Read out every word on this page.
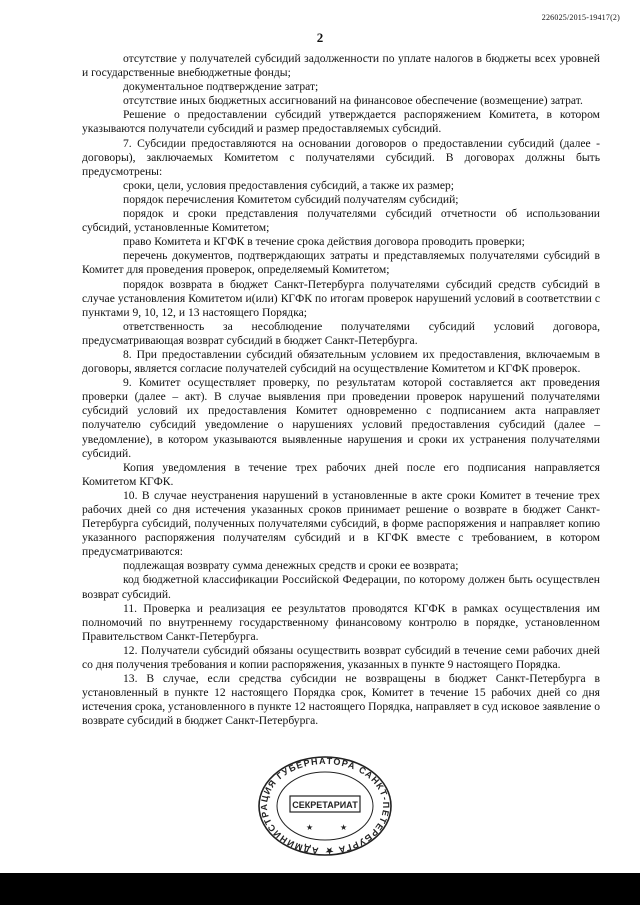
226025/2015-19417(2)
2

отсутствие у получателей субсидий задолженности по уплате налогов в бюджеты всех уровней и государственные внебюджетные фонды;

документальное подтверждение затрат;

отсутствие иных бюджетных ассигнований на финансовое обеспечение (возмещение) затрат.

Решение о предоставлении субсидий утверждается распоряжением Комитета, в котором указываются получатели субсидий и размер предоставляемых субсидий.

7. Субсидии предоставляются на основании договоров о предоставлении субсидий (далее - договоры), заключаемых Комитетом с получателями субсидий. В договорах должны быть предусмотрены:

сроки, цели, условия предоставления субсидий, а также их размер;

порядок перечисления Комитетом субсидий получателям субсидий;

порядок и сроки представления получателями субсидий отчетности об использовании субсидий, установленные Комитетом;

право Комитета и КГФК в течение срока действия договора проводить проверки;

перечень документов, подтверждающих затраты и представляемых получателями субсидий в Комитет для проведения проверок, определяемый Комитетом;

порядок возврата в бюджет Санкт-Петербурга получателями субсидий средств субсидий в случае установления Комитетом и(или) КГФК по итогам проверок нарушений условий в соответствии с пунктами 9, 10, 12, и 13 настоящего Порядка;

ответственность за несоблюдение получателями субсидий условий договора, предусматривающая возврат субсидий в бюджет Санкт-Петербурга.

8. При предоставлении субсидий обязательным условием их предоставления, включаемым в договоры, является согласие получателей субсидий на осуществление Комитетом и КГФК проверок.

9. Комитет осуществляет проверку, по результатам которой составляется акт проведения проверки (далее – акт). В случае выявления при проведении проверок нарушений получателями субсидий условий их предоставления Комитет одновременно с подписанием акта направляет получателю субсидий уведомление о нарушениях условий предоставления субсидий (далее – уведомление), в котором указываются выявленные нарушения и сроки их устранения получателями субсидий.

Копия уведомления в течение трех рабочих дней после его подписания направляется Комитетом КГФК.

10. В случае неустранения нарушений в установленные в акте сроки Комитет в течение трех рабочих дней со дня истечения указанных сроков принимает решение о возврате в бюджет Санкт-Петербурга субсидий, полученных получателями субсидий, в форме распоряжения и направляет копию указанного распоряжения получателям субсидий и в КГФК вместе с требованием, в котором предусматриваются:

подлежащая возврату сумма денежных средств и сроки ее возврата;

код бюджетной классификации Российской Федерации, по которому должен быть осуществлен возврат субсидий.

11. Проверка и реализация ее результатов проводятся КГФК в рамках осуществления им полномочий по внутреннему государственному финансовому контролю в порядке, установленном Правительством Санкт-Петербурга.

12. Получатели субсидий обязаны осуществить возврат субсидий в течение семи рабочих дней со дня получения требования и копии распоряжения, указанных в пункте 9 настоящего Порядка.

13. В случае, если средства субсидии не возвращены в бюджет Санкт-Петербурга в установленный в пункте 12 настоящего Порядка срок, Комитет в течение 15 рабочих дней со дня истечения срока, установленного в пункте 12 настоящего Порядка, направляет в суд исковое заявление о возврате субсидий в бюджет Санкт-Петербурга.

АДМИНИСТРАЦИЯ ГУБЕРНАТОРА САНКТ-ПЕТЕРБУРГА ★
СЕКРЕТАРИАТ
★	★
